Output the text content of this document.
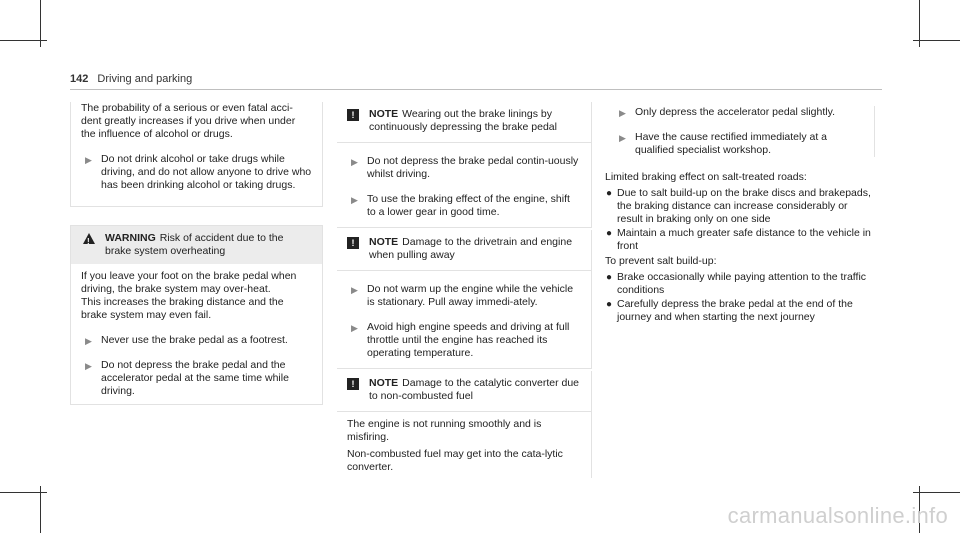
142 Driving and parking

The probability of a serious or even fatal acci-dent greatly increases if you drive when under the influence of alcohol or drugs.

▶ Do not drink alcohol or take drugs while driving, and do not allow anyone to drive who has been drinking alcohol or taking drugs.
! WARNING Risk of accident due to the brake system overheating

If you leave your foot on the brake pedal when driving, the brake system may over-heat.

This increases the braking distance and the brake system may even fail.

▶ Never use the brake pedal as a footrest.
▶ Do not depress the brake pedal and the accelerator pedal at the same time while driving.
!	NOTE Wearing out the brake linings by continuously depressing the brake pedal
▶ Do not depress the brake pedal contin-uously whilst driving.
▶ To use the braking effect of the engine, shift to a lower gear in good time.
!	NOTE Damage to the drivetrain and engine when pulling away
▶ Do not warm up the engine while the vehicle is stationary. Pull away immedi-ately.
▶ Avoid high engine speeds and driving at full throttle until the engine has reached its operating temperature.
!	NOTE Damage to the catalytic converter due to non-combusted fuel

The engine is not running smoothly and is misfiring.

Non-combusted fuel may get into the cata-lytic converter.

▶ Only depress the accelerator pedal slightly.
▶ Have the cause rectified immediately at a qualified specialist workshop.

Limited braking effect on salt-treated roads:

● Due to salt build-up on the brake discs and brakepads, the braking distance can increase considerably or result in braking only on one side
● Maintain a much greater safe distance to the vehicle in front

To prevent salt build-up:

● Brake occasionally while paying attention to the traffic conditions
● Carefully depress the brake pedal at the end of the journey and when starting the next journey
carmanualsonline.info
